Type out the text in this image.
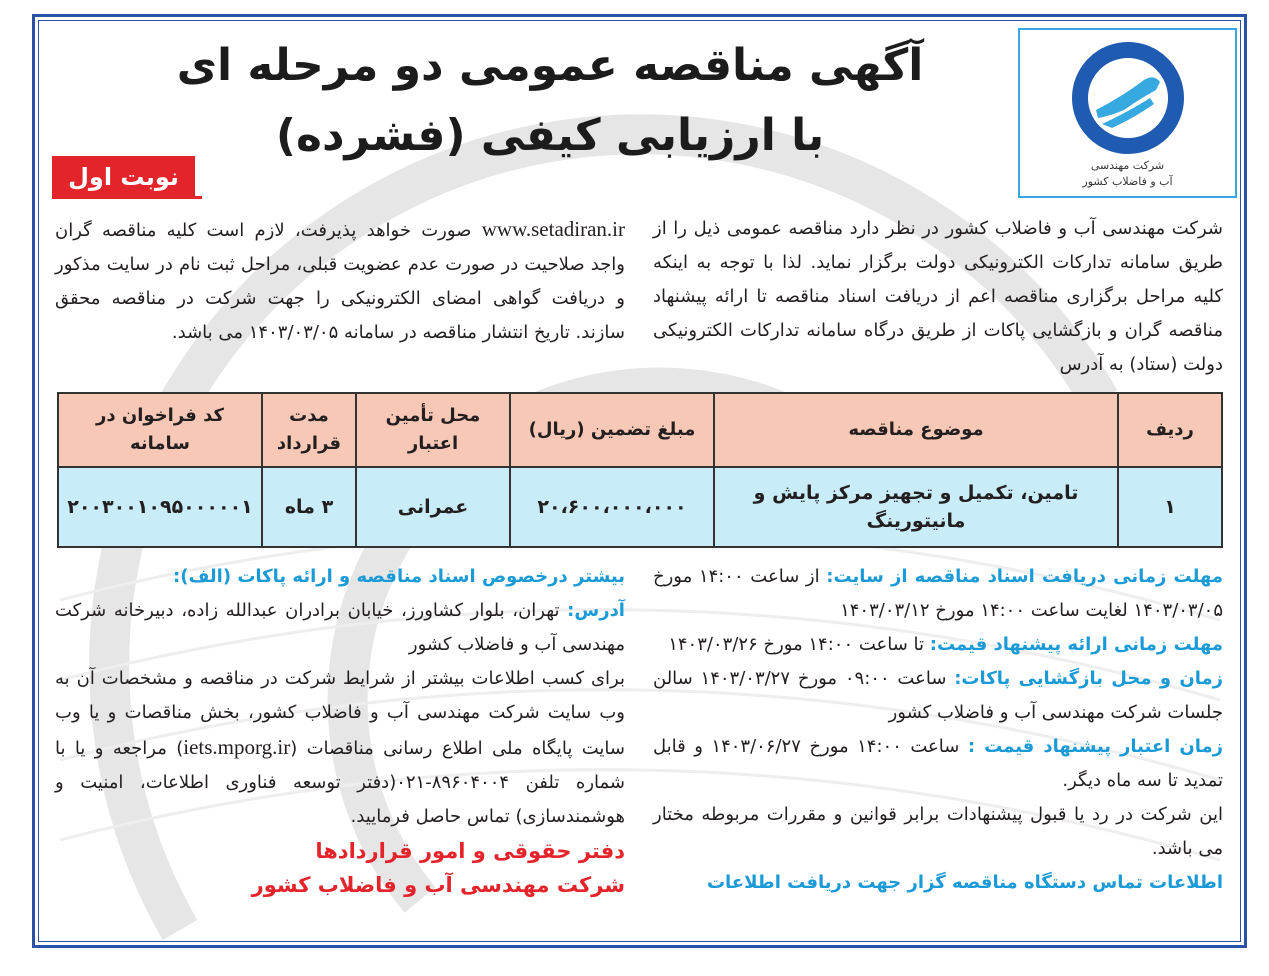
آگهی مناقصه عمومی دو مرحله ای
با ارزیابی کیفی (فشرده)
نوبت اول	شرکت مهندسی
آب و فاضلاب کشور

شرکت مهندسی آب و فاضلاب کشور در نظر دارد مناقصه عمومی ذیل را از طریق سامانه تدارکات الکترونیکی دولت برگزار نماید. لذا با توجه به اینکه کلیه مراحل برگزاری مناقصه اعم از دریافت اسناد مناقصه تا ارائه پیشنهاد مناقصه گران و بازگشایی پاکات از طریق درگاه سامانه تدارکات الکترونیکی دولت (ستاد) به آدرس

www.setadiran.ir صورت خواهد پذیرفت، لازم است کلیه مناقصه گران واجد صلاحیت در صورت عدم عضویت قبلی، مراحل ثبت نام در سایت مذکور و دریافت گواهی امضای الکترونیکی را جهت شرکت در مناقصه محقق سازند. تاریخ انتشار مناقصه در سامانه ۱۴۰۳/۰۳/۰۵ می باشد.

ردیف	موضوع مناقصه	مبلغ تضمین (ریال)	محل تأمین اعتبار	مدت قرارداد	کد فراخوان در سامانه
۱	تامین، تکمیل و تجهیز مرکز پایش و مانیتورینگ	۲۰،۶۰۰،۰۰۰،۰۰۰	عمرانی	۳ ماه	۲۰۰۳۰۰۱۰۹۵۰۰۰۰۰۱

مهلت زمانی دریافت اسناد مناقصه از سایت: از ساعت ۱۴:۰۰ مورخ ۱۴۰۳/۰۳/۰۵ لغایت ساعت ۱۴:۰۰ مورخ ۱۴۰۳/۰۳/۱۲

مهلت زمانی ارائه پیشنهاد قیمت: تا ساعت ۱۴:۰۰ مورخ ۱۴۰۳/۰۳/۲۶

زمان و محل بازگشایی پاکات: ساعت ۰۹:۰۰ مورخ ۱۴۰۳/۰۳/۲۷ سالن جلسات شرکت مهندسی آب و فاضلاب کشور

زمان اعتبار پیشنهاد قیمت : ساعت ۱۴:۰۰ مورخ ۱۴۰۳/۰۶/۲۷ و قابل تمدید تا سه ماه دیگر.

این شرکت در رد یا قبول پیشنهادات برابر قوانین و مقررات مربوطه مختار می باشد.

اطلاعات تماس دستگاه مناقصه گزار جهت دریافت اطلاعات

بیشتر درخصوص اسناد مناقصه و ارائه پاکات (الف):

آدرس: تهران، بلوار کشاورز، خیابان برادران عبدالله زاده، دبیرخانه شرکت مهندسی آب و فاضلاب کشور

برای کسب اطلاعات بیشتر از شرایط شرکت در مناقصه و مشخصات آن به وب سایت شرکت مهندسی آب و فاضلاب کشور، بخش مناقصات و یا وب سایت پایگاه ملی اطلاع رسانی مناقصات (iets.mporg.ir) مراجعه و یا با شماره تلفن ۸۹۶۰۴۰۰۴-۰۲۱(دفتر توسعه فناوری اطلاعات، امنیت و هوشمندسازی) تماس حاصل فرمایید.

دفتر حقوقی و امور قراردادها

شرکت مهندسی آب و فاضلاب کشور
